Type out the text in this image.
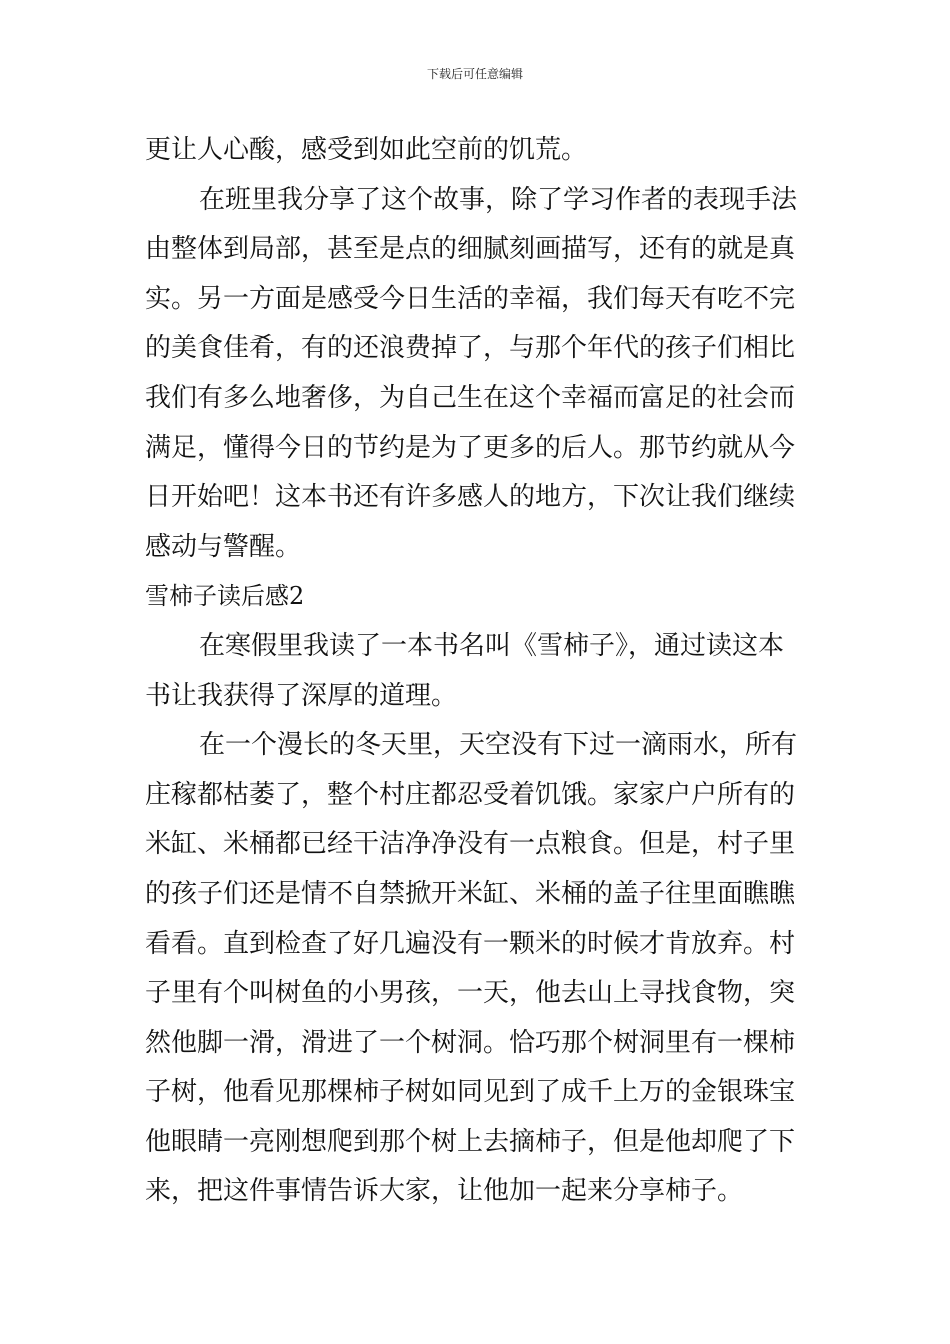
下载后可任意编辑
更让人心酸，感受到如此空前的饥荒。
在班里我分享了这个故事，除了学习作者的表现手法
由整体到局部，甚至是点的细腻刻画描写，还有的就是真
实。另一方面是感受今日生活的幸福，我们每天有吃不完
的美食佳肴，有的还浪费掉了，与那个年代的孩子们相比
我们有多么地奢侈，为自己生在这个幸福而富足的社会而
满足，懂得今日的节约是为了更多的后人。那节约就从今
日开始吧！这本书还有许多感人的地方，下次让我们继续
感动与警醒。
雪柿子读后感2
在寒假里我读了一本书名叫《雪柿子》，通过读这本
书让我获得了深厚的道理。
在一个漫长的冬天里，天空没有下过一滴雨水，所有
庄稼都枯萎了，整个村庄都忍受着饥饿。家家户户所有的
米缸、米桶都已经干洁净净没有一点粮食。但是，村子里
的孩子们还是情不自禁掀开米缸、米桶的盖子往里面瞧瞧
看看。直到检查了好几遍没有一颗米的时候才肯放弃。村
子里有个叫树鱼的小男孩，一天，他去山上寻找食物，突
然他脚一滑，滑进了一个树洞。恰巧那个树洞里有一棵柿
子树，他看见那棵柿子树如同见到了成千上万的金银珠宝
他眼睛一亮刚想爬到那个树上去摘柿子，但是他却爬了下
来，把这件事情告诉大家，让他加一起来分享柿子。
